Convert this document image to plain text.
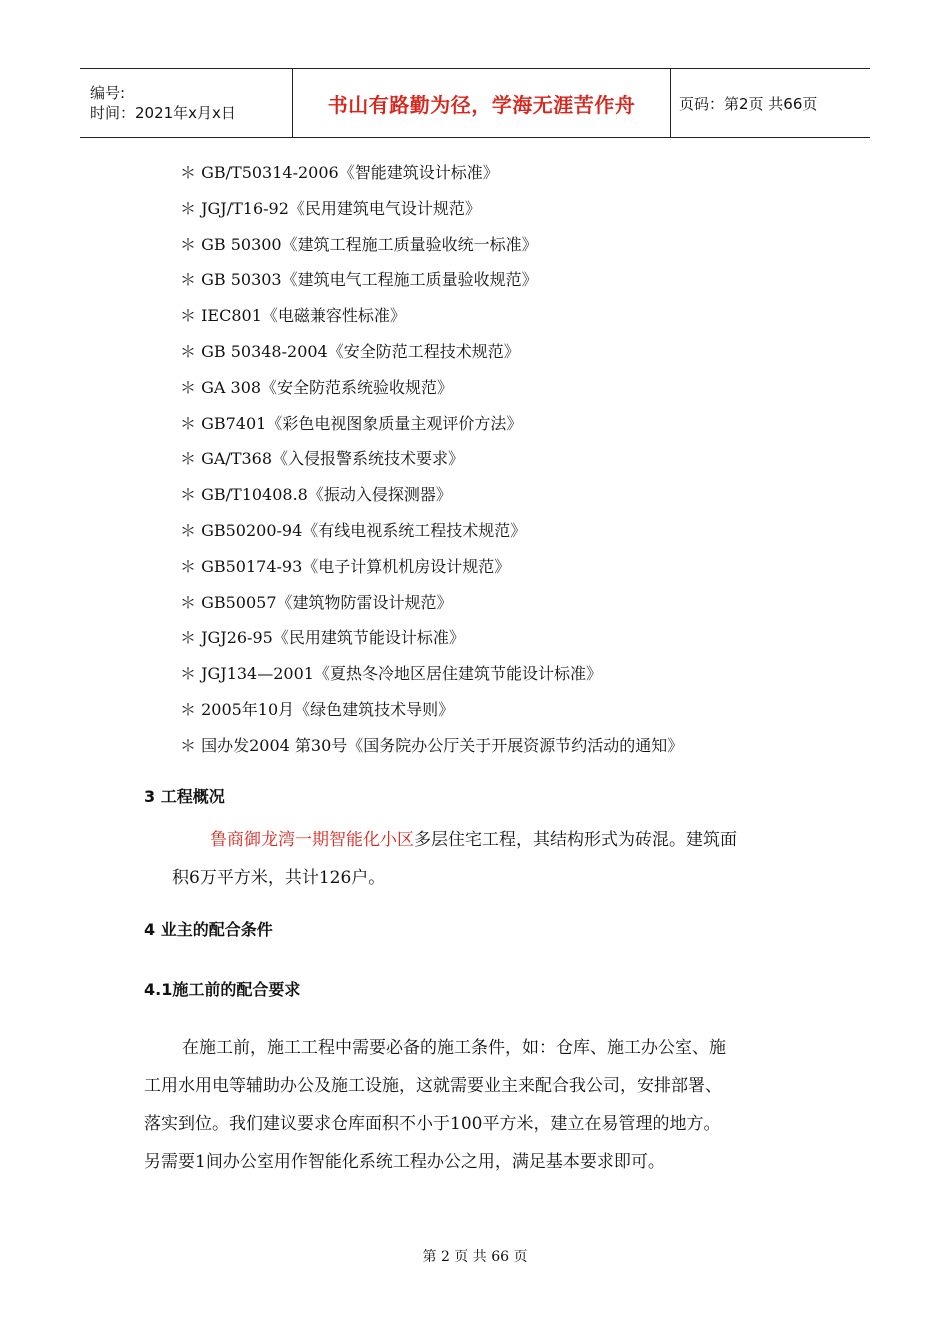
编号:
时间：2021年x月x日	书山有路勤为径，学海无涯苦作舟	页码：第2页 共66页
＊ GB/T50314-2006《智能建筑设计标准》
＊ JGJ/T16-92《民用建筑电气设计规范》
＊ GB 50300《建筑工程施工质量验收统一标准》
＊ GB 50303《建筑电气工程施工质量验收规范》
＊ IEC801《电磁兼容性标准》
＊ GB 50348-2004《安全防范工程技术规范》
＊ GA 308《安全防范系统验收规范》
＊ GB7401《彩色电视图象质量主观评价方法》
＊ GA/T368《入侵报警系统技术要求》
＊ GB/T10408.8《振动入侵探测器》
＊ GB50200-94《有线电视系统工程技术规范》
＊ GB50174-93《电子计算机机房设计规范》
＊ GB50057《建筑物防雷设计规范》
＊ JGJ26-95《民用建筑节能设计标准》
＊ JGJ134—2001《夏热冬冷地区居住建筑节能设计标准》
＊ 2005年10月《绿色建筑技术导则》
＊ 国办发2004 第30号《国务院办公厅关于开展资源节约活动的通知》
3 工程概况

鲁商御龙湾一期智能化小区多层住宅工程，其结构形式为砖混。建筑面

积6万平方米，共计126户。

4 业主的配合条件
4.1施工前的配合要求

在施工前，施工工程中需要必备的施工条件，如：仓库、施工办公室、施

工用水用电等辅助办公及施工设施，这就需要业主来配合我公司，安排部署、

落实到位。我们建议要求仓库面积不小于100平方米，建立在易管理的地方。

另需要1间办公室用作智能化系统工程办公之用，满足基本要求即可。

第 2 页 共 66 页
